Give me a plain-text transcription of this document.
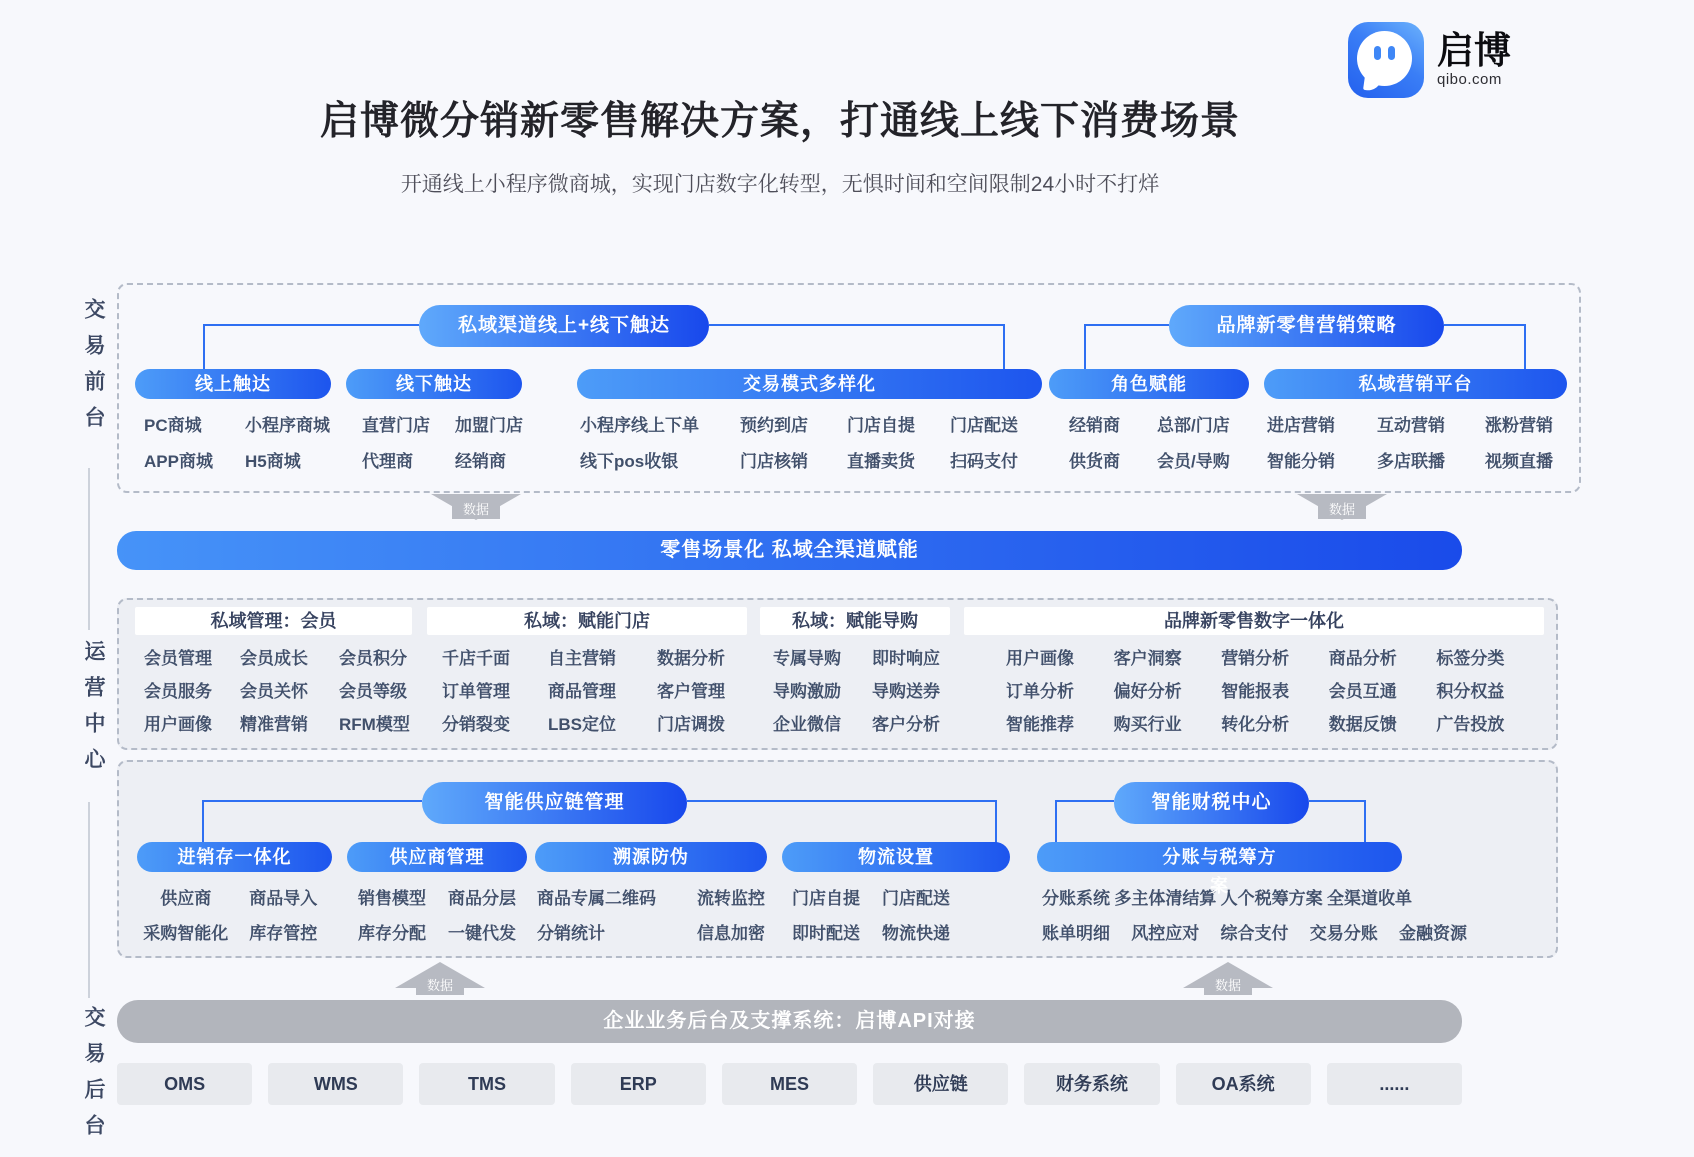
启博
qibo.com
启博微分销新零售解决方案，打通线上线下消费场景
开通线上小程序微商城，实现门店数字化转型，无惧时间和空间限制24小时不打烊
交易前台
运营中心
交易后台
私域渠道线上+线下触达	品牌新零售营销策略
线上触达
PC商城	小程序商城
APP商城 H5商城
线下触达
直营门店 加盟门店
代理商 经销商
交易模式多样化
小程序线上下单 预约到店 门店自提 门店配送
线下pos收银	门店核销 直播卖货 扫码支付
角色赋能
经销商 总部/门店
供货商 会员/导购
私域营销平台
进店营销 互动营销 涨粉营销
智能分销 多店联播 视频直播
数据	数据
零售场景化 私域全渠道赋能
私域管理：会员
会员管理 会员成长 会员积分
会员服务 会员关怀 会员等级
用户画像 精准营销 RFM模型
私域：赋能门店
千店千面 自主营销 数据分析
订单管理 商品管理 客户管理
分销裂变 LBS定位 门店调拨
私域：赋能导购
专属导购 即时响应
导购激励 导购送券
企业微信 客户分析
品牌新零售数字一体化
用户画像 客户洞察 营销分析 商品分析 标签分类
订单分析 偏好分析 智能报表 会员互通 积分权益
智能推荐 购买行业 转化分析 数据反馈 广告投放
智能供应链管理	智能财税中心
进销存一体化
供应商 商品导入
采购智能化 库存管控
供应商管理
销售模型 商品分层
库存分配 一键代发
溯源防伪
商品专属二维码 流转监控
分销统计	信息加密
物流设置
门店自提 门店配送
即时配送 物流快递
分账与税筹方
案
分账系统 多主体清结算 人个税筹方案 全渠道收单
账单明细 风控应对 综合支付 交易分账 金融资源
数据	数据
企业业务后台及支撑系统：启博API对接
OMS	WMS	TMS	ERP	MES	供应链	财务系统	OA系统	......
